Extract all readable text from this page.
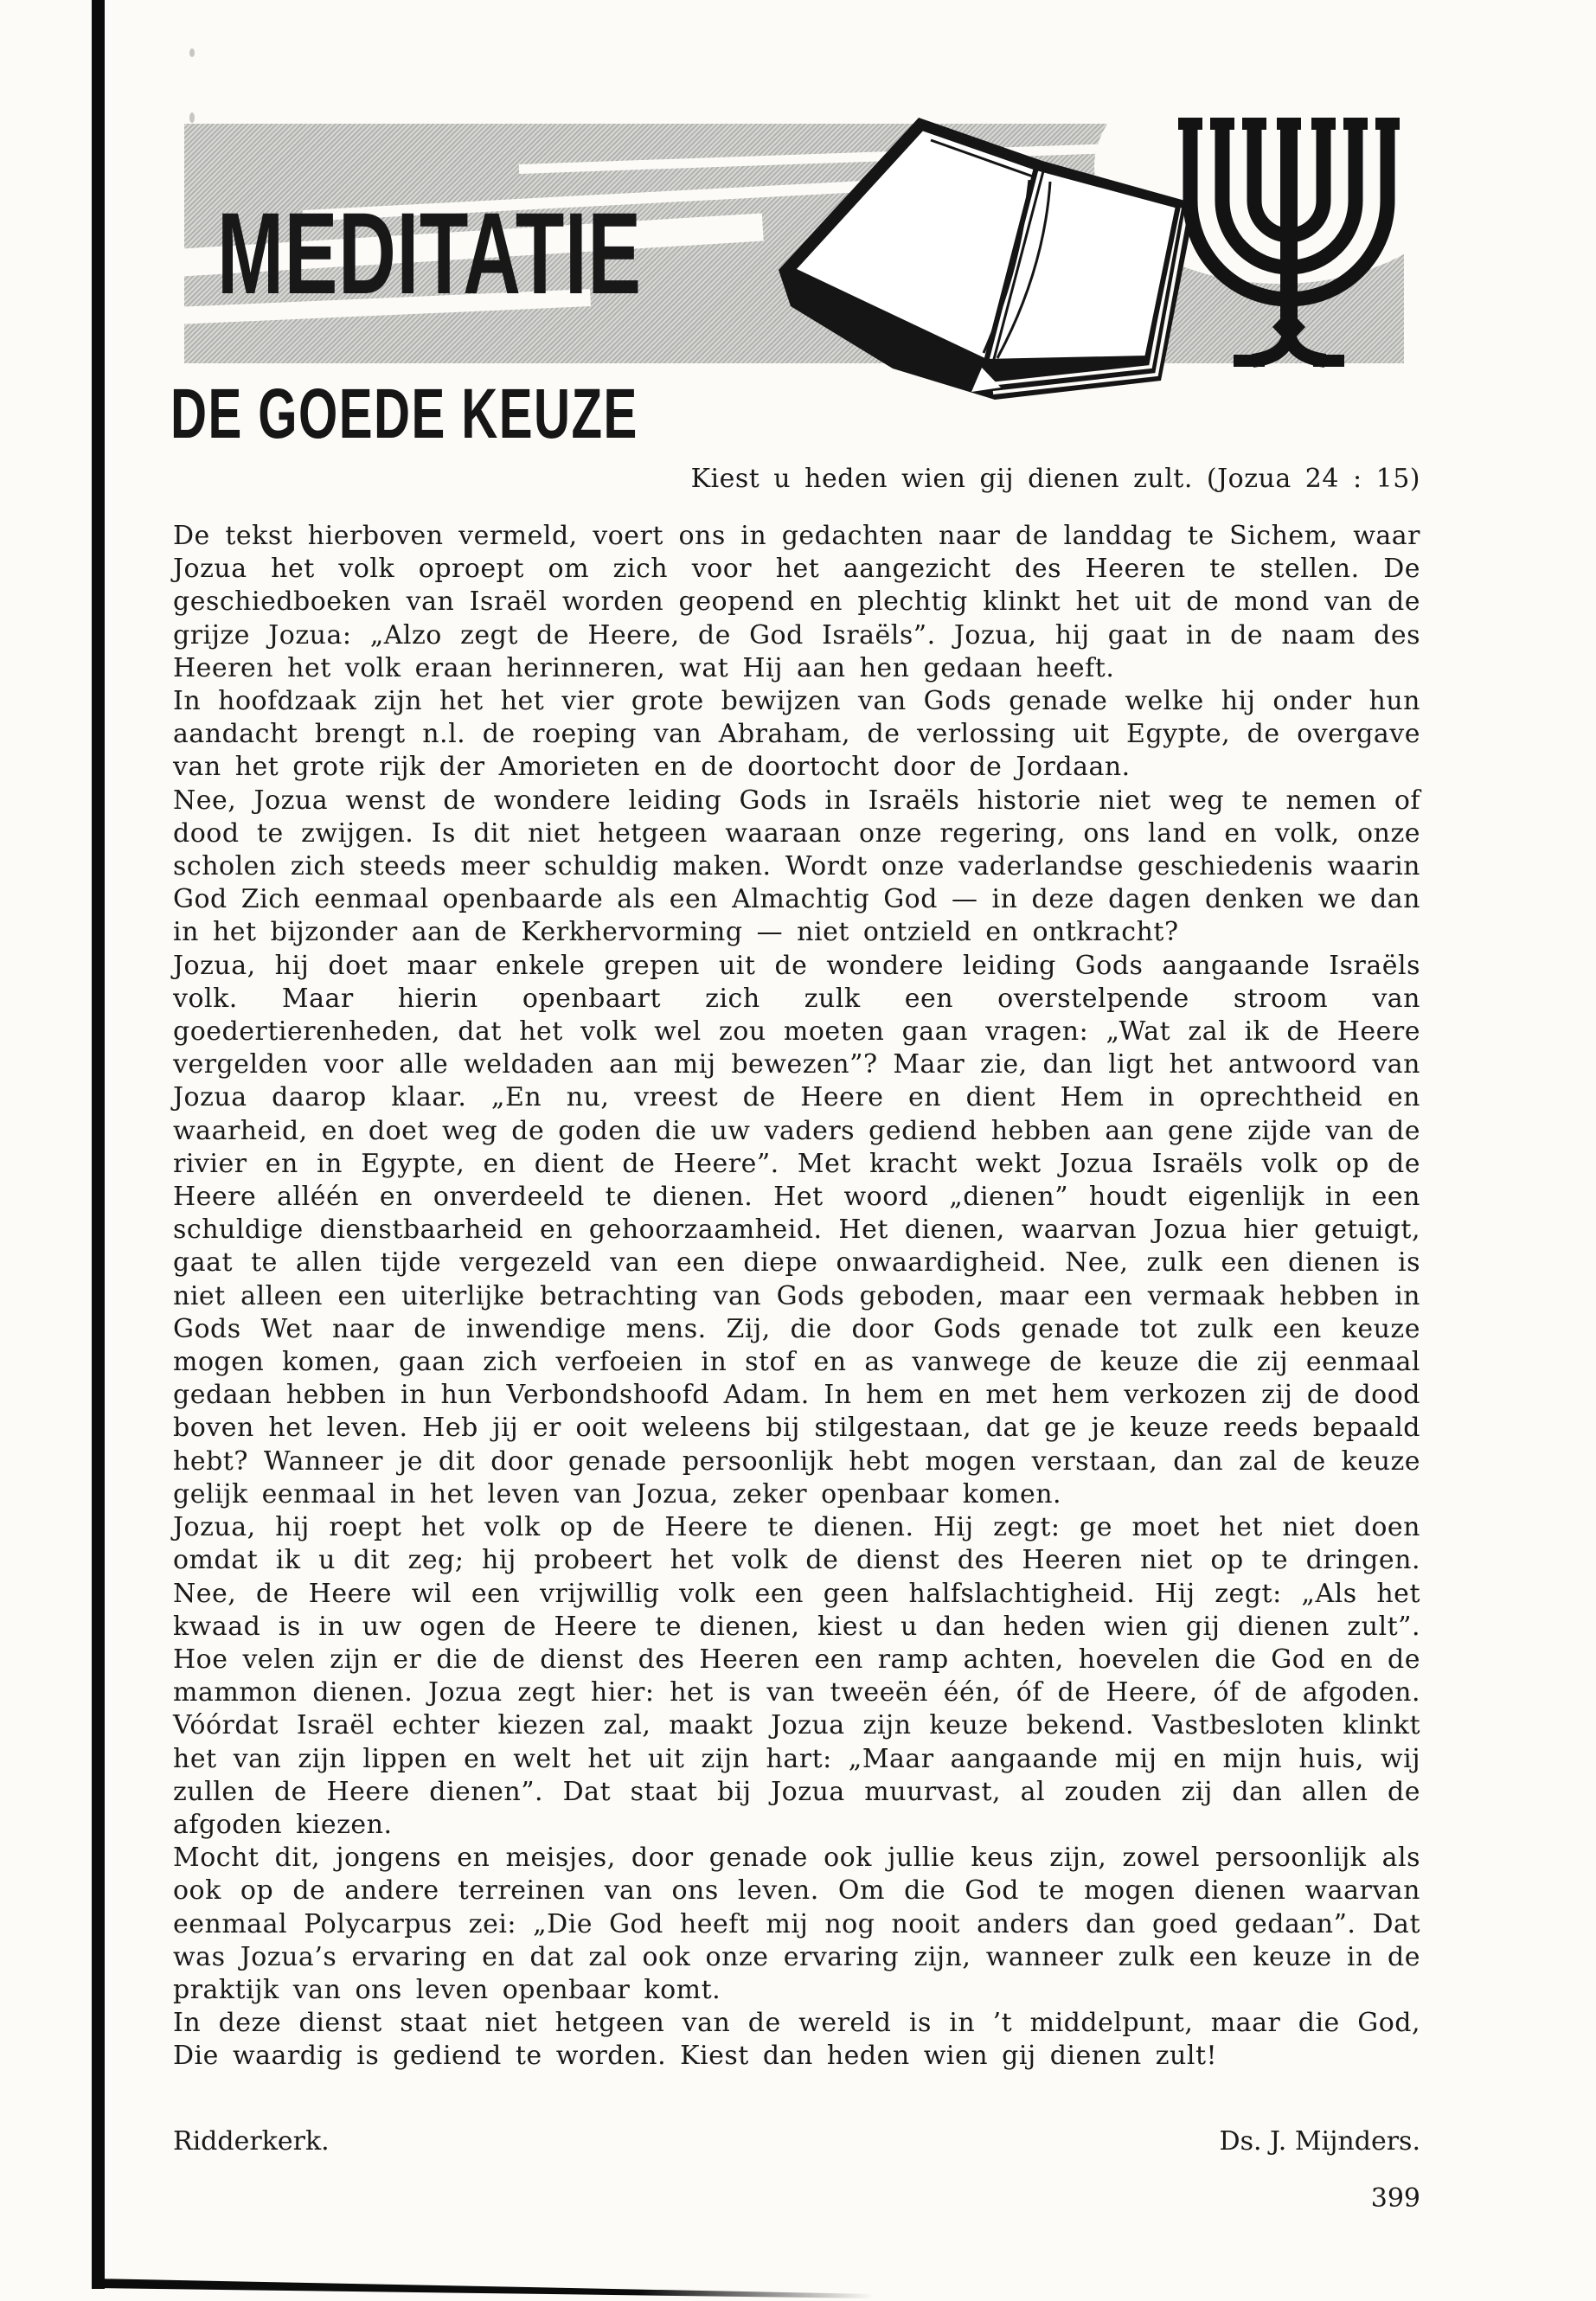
MEDITATIE
DE GOEDE KEUZE
Kiest u heden wien gij dienen zult. (Jozua 24 : 15)

De tekst hierboven vermeld, voert ons in gedachten naar de landdag te Sichem, waar Jozua het volk oproept om zich voor het aangezicht des Heeren te stellen. De geschiedboeken van Israël worden geopend en plechtig klinkt het uit de mond van de grijze Jozua: „Alzo zegt de Heere, de God Israëls”. Jozua, hij gaat in de naam des Heeren het volk eraan herinneren, wat Hij aan hen gedaan heeft.

In hoofdzaak zijn het het vier grote bewijzen van Gods genade welke hij onder hun aandacht brengt n.l. de roeping van Abraham, de verlossing uit Egypte, de overgave van het grote rijk der Amorieten en de doortocht door de Jordaan.

Nee, Jozua wenst de wondere leiding Gods in Israëls historie niet weg te nemen of dood te zwijgen. Is dit niet hetgeen waaraan onze regering, ons land en volk, onze scholen zich steeds meer schuldig maken. Wordt onze vaderlandse geschiedenis waarin God Zich eenmaal openbaarde als een Almachtig God — in deze dagen denken we dan in het bijzonder aan de Kerkhervorming — niet ontzield en ontkracht?

Jozua, hij doet maar enkele grepen uit de wondere leiding Gods aangaande Israëls volk. Maar hierin openbaart zich zulk een overstelpende stroom van goedertierenheden, dat het volk wel zou moeten gaan vragen: „Wat zal ik de Heere vergelden voor alle weldaden aan mij bewezen”? Maar zie, dan ligt het antwoord van Jozua daarop klaar. „En nu, vreest de Heere en dient Hem in oprechtheid en waarheid, en doet weg de goden die uw vaders gediend hebben aan gene zijde van de rivier en in Egypte, en dient de Heere”. Met kracht wekt Jozua Israëls volk op de Heere alléén en onverdeeld te dienen. Het woord „dienen” houdt eigenlijk in een schuldige dienstbaarheid en gehoorzaamheid. Het dienen, waarvan Jozua hier getuigt, gaat te allen tijde vergezeld van een diepe onwaardigheid. Nee, zulk een dienen is niet alleen een uiterlijke betrachting van Gods geboden, maar een vermaak hebben in Gods Wet naar de inwendige mens. Zij, die door Gods genade tot zulk een keuze mogen komen, gaan zich verfoeien in stof en as vanwege de keuze die zij eenmaal gedaan hebben in hun Verbondshoofd Adam. In hem en met hem verkozen zij de dood boven het leven. Heb jij er ooit weleens bij stilgestaan, dat ge je keuze reeds bepaald hebt? Wanneer je dit door genade persoonlijk hebt mogen verstaan, dan zal de keuze gelijk eenmaal in het leven van Jozua, zeker openbaar komen.

Jozua, hij roept het volk op de Heere te dienen. Hij zegt: ge moet het niet doen omdat ik u dit zeg; hij probeert het volk de dienst des Heeren niet op te dringen. Nee, de Heere wil een vrijwillig volk een geen halfslachtigheid. Hij zegt: „Als het kwaad is in uw ogen de Heere te dienen, kiest u dan heden wien gij dienen zult”. Hoe velen zijn er die de dienst des Heeren een ramp achten, hoevelen die God en de mammon dienen. Jozua zegt hier: het is van tweeën één, óf de Heere, óf de afgoden. Vóórdat Israël echter kiezen zal, maakt Jozua zijn keuze bekend. Vastbesloten klinkt het van zijn lippen en welt het uit zijn hart: „Maar aangaande mij en mijn huis, wij zullen de Heere dienen”. Dat staat bij Jozua muurvast, al zouden zij dan allen de afgoden kiezen.

Mocht dit, jongens en meisjes, door genade ook jullie keus zijn, zowel persoonlijk als ook op de andere terreinen van ons leven. Om die God te mogen dienen waarvan eenmaal Polycarpus zei: „Die God heeft mij nog nooit anders dan goed gedaan”. Dat was Jozua’s ervaring en dat zal ook onze ervaring zijn, wanneer zulk een keuze in de praktijk van ons leven openbaar komt.

In deze dienst staat niet hetgeen van de wereld is in ’t middelpunt, maar die God, Die waardig is gediend te worden. Kiest dan heden wien gij dienen zult!

Ridderkerk.	Ds. J. Mijnders.
399
